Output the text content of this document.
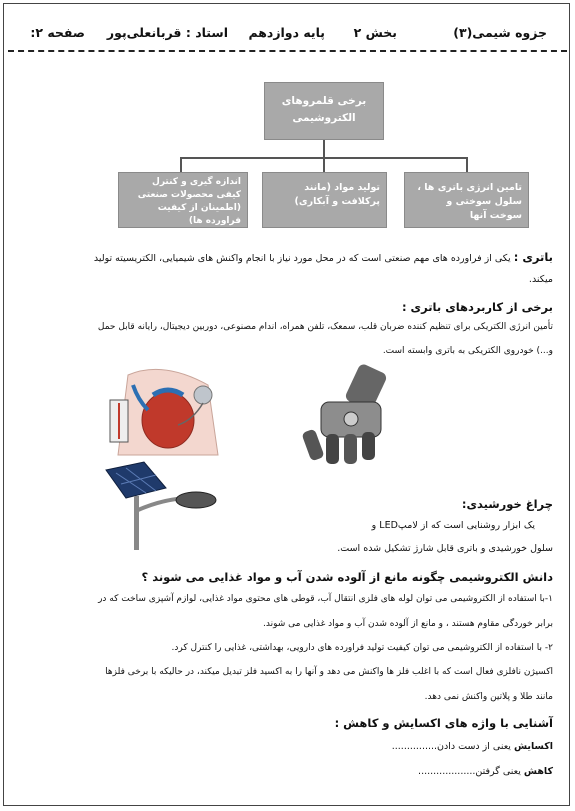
جزوه شیمی(۳)
بخش ۲
پایه دوازدهم
استاد : قربانعلی‌پور
صفحه ۲:
برخی قلمروهای الکتروشیمی
تامین انرژی باتری ها ، سلول سوختی و سوخت آنها
تولید مواد (مانند پرکلافت و آبکاری)
اندازه گیری و کنترل کیفی محصولات صنعتی (اطمینان از کیفیت فراورده ها)
باتری : یکی از فراورده های مهم صنعتی است که در محل مورد نیاز با انجام واکنش های شیمیایی، الکتریسیته تولید
میکند.
برخی از کاربردهای باتری :
تأمین انرژی الکتریکی برای تنظیم کننده ضربان قلب، سمعک، تلفن همراه، اندام مصنوعی، دوربین دیجیتال، رایانه قابل حمل
و...) خودروی الکتریکی به باتری وابسته است.
چراغ خورشیدی:
یک ابزار روشنایی است که از لامپLED و
سلول خورشیدی و باتری قابل شارژ تشکیل شده است.
دانش الکتروشیمی چگونه مانع از آلوده شدن آب و مواد غذایی می شوند ؟
۱-با استفاده از الکتروشیمی می توان لوله های فلزی انتقال آب، قوطی های محتوی مواد غذایی، لوازم آشپزی ساخت که در
برابر خوردگی مقاوم هستند ، و مانع از آلوده شدن آب و مواد غذایی می شوند.
۲- با استفاده از الکتروشیمی می توان کیفیت تولید فراورده های دارویی، بهداشتی، غذایی را کنترل کرد.
اکسیژن نافلزی فعال است که با اغلب فلز ها واکنش می دهد و آنها را به اکسید فلز تبدیل میکند، در حالیکه با برخی فلزها
مانند طلا و پلاتین واکنش نمی دهد.
آشنایی با واژه های اکسایش و کاهش :
اکسایش یعنی از دست دادن...............
کاهش یعنی گرفتن...................
